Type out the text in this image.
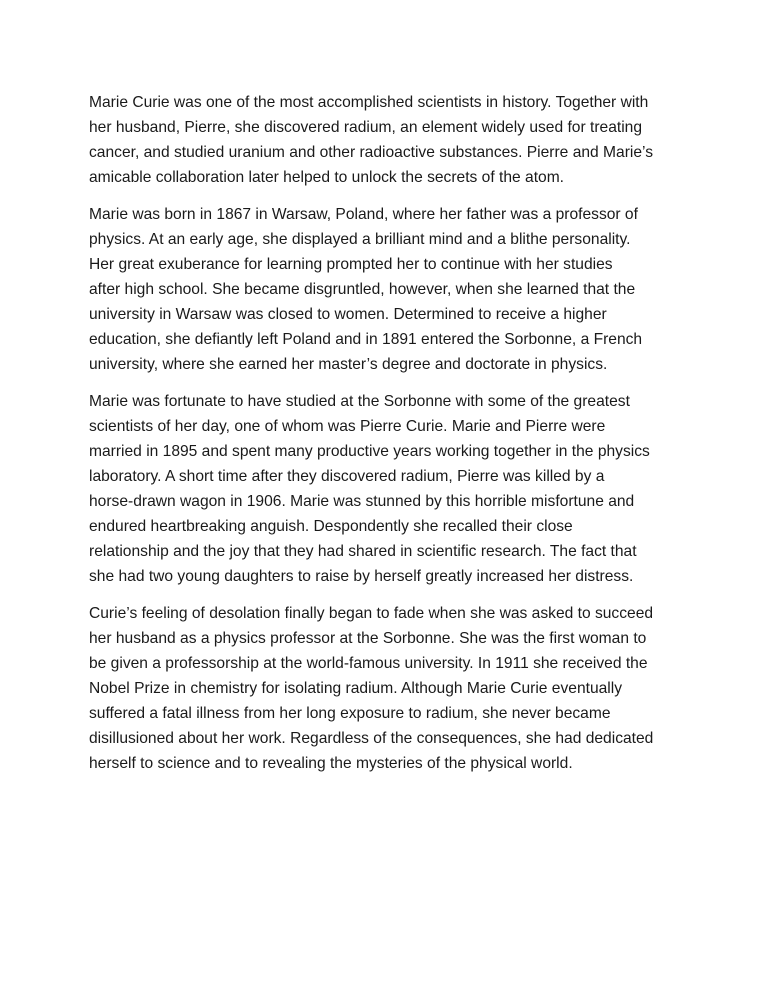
Marie Curie was one of the most accomplished scientists in history. Together with
her husband, Pierre, she discovered radium, an element widely used for treating
cancer, and studied uranium and other radioactive substances. Pierre and Marie’s
amicable collaboration later helped to unlock the secrets of the atom.

Marie was born in 1867 in Warsaw, Poland, where her father was a professor of
physics. At an early age, she displayed a brilliant mind and a blithe personality.
Her great exuberance for learning prompted her to continue with her studies
after high school. She became disgruntled, however, when she learned that the
university in Warsaw was closed to women. Determined to receive a higher
education, she defiantly left Poland and in 1891 entered the Sorbonne, a French
university, where she earned her master’s degree and doctorate in physics.

Marie was fortunate to have studied at the Sorbonne with some of the greatest
scientists of her day, one of whom was Pierre Curie. Marie and Pierre were
married in 1895 and spent many productive years working together in the physics
laboratory. A short time after they discovered radium, Pierre was killed by a
horse-drawn wagon in 1906. Marie was stunned by this horrible misfortune and
endured heartbreaking anguish. Despondently she recalled their close
relationship and the joy that they had shared in scientific research. The fact that
she had two young daughters to raise by herself greatly increased her distress.

Curie’s feeling of desolation finally began to fade when she was asked to succeed
her husband as a physics professor at the Sorbonne. She was the first woman to
be given a professorship at the world-famous university. In 1911 she received the
Nobel Prize in chemistry for isolating radium. Although Marie Curie eventually
suffered a fatal illness from her long exposure to radium, she never became
disillusioned about her work. Regardless of the consequences, she had dedicated
herself to science and to revealing the mysteries of the physical world.
